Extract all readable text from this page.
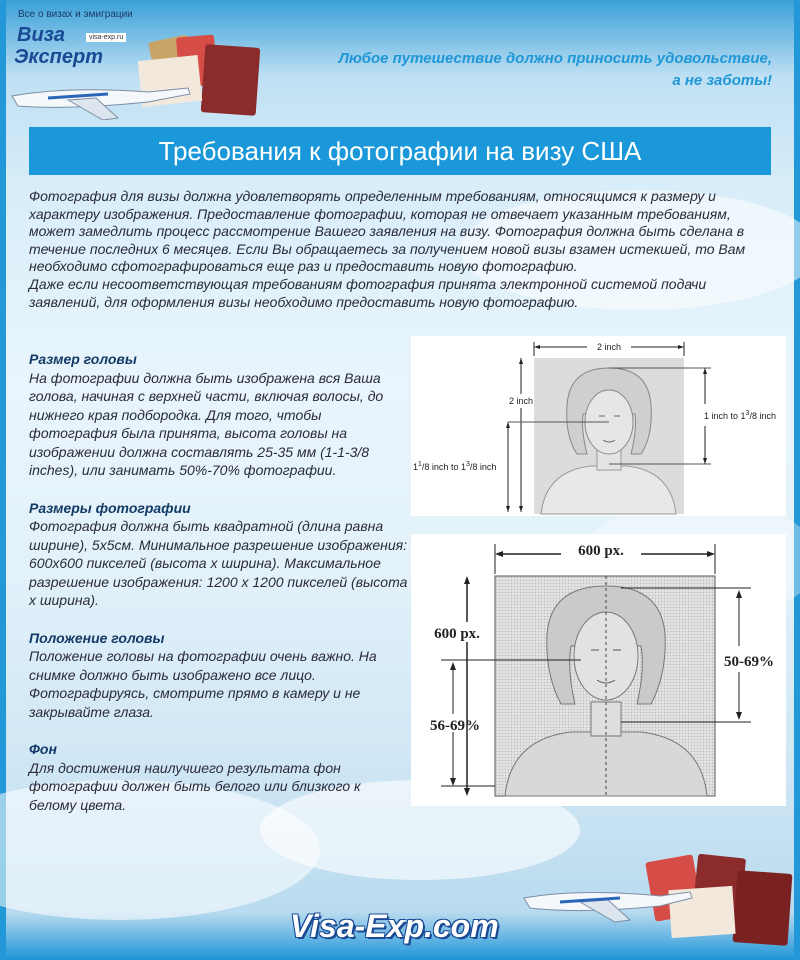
Все о визах и эмиграции
Виза
Эксперт
visa-exp.ru
Любое путешествие должно приносить удовольствие,
а не заботы!
Требования к фотографии на визу США

Фотография для визы должна удовлетворять определенным требованиям, относящимся к размеру и характеру изображения. Предоставление фотографии, которая не отвечает указанным требованиям, может замедлить процесс рассмотрение Вашего заявления на визу. Фотография должна быть сделана в течение последних 6 месяцев. Если Вы обращаетесь за получением новой визы взамен истекшей, то Вам необходимо сфотографироваться еще раз и предоставить новую фотографию.

Даже если несоответствующая требованиям фотография принята электронной системой подачи заявлений, для оформления визы необходимо предоставить новую фотографию.

Размер головы

На фотографии должна быть изображена вся Ваша голова, начиная с верхней части, включая волосы, до нижнего края подбородка. Для того, чтобы фотография была принята, высота головы на изображении должна составлять 25-35 мм (1-1-3/8 inches), или занимать 50%-70% фотографии.

Размеры фотографии

Фотография должна быть квадратной (длина равна ширине), 5х5см. Минимальное разрешение изображения: 600х600 пикселей (высота х ширина). Максимальное разрешение изображения: 1200 х 1200 пикселей (высота х ширина).

Положение головы

Положение головы на фотографии очень важно. На снимке должно быть изображено все лицо. Фотографируясь, смотрите прямо в камеру и не закрывайте глаза.

Фон

Для достижения наилучшего результата фон фотографии должен быть белого или близкого к белому цвета.

2 inch
2 inch
1 inch to $1^3/8$ inch
$1^1/8$ inch to $1^3/8$ inch
600 px.
600 px.
56-69%
50-69%
Visa-Exp.com
